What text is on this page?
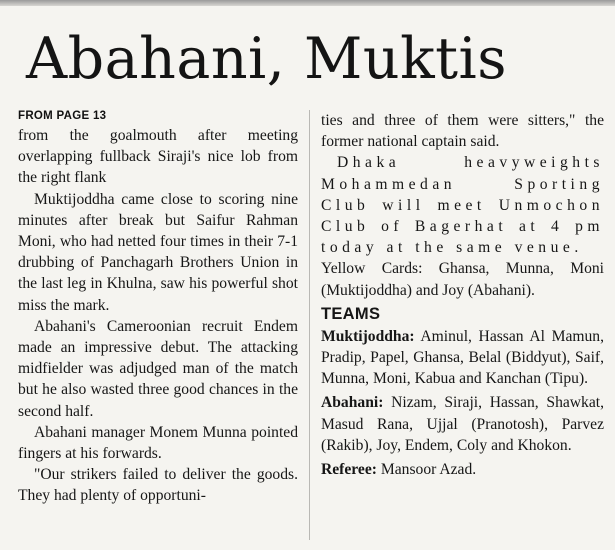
Abahani, Muktis
FROM PAGE 13

from the goalmouth after meeting overlapping fullback Siraji's nice lob from the right flank

Muktijoddha came close to scoring nine minutes after break but Saifur Rahman Moni, who had netted four times in their 7-1 drubbing of Panchagarh Brothers Union in the last leg in Khulna, saw his powerful shot miss the mark.

Abahani's Cameroonian recruit Endem made an impressive debut. The attacking midfielder was adjudged man of the match but he also wasted three good chances in the second half.

Abahani manager Monem Munna pointed fingers at his forwards.

"Our strikers failed to deliver the goods. They had plenty of opportuni-

ties and three of them were sitters," the former national captain said.

Dhaka heavyweights Mohammedan Sporting Club will meet Unmochon Club of Bagerhat at 4 pm today at the same venue.

Yellow Cards: Ghansa, Munna, Moni (Muktijoddha) and Joy (Abahani).

TEAMS

Muktijoddha: Aminul, Hassan Al Mamun, Pradip, Papel, Ghansa, Belal (Biddyut), Saif, Munna, Moni, Kabua and Kanchan (Tipu).

Abahani: Nizam, Siraji, Hassan, Shawkat, Masud Rana, Ujjal (Pranotosh), Parvez (Rakib), Joy, Endem, Coly and Khokon.

Referee: Mansoor Azad.
